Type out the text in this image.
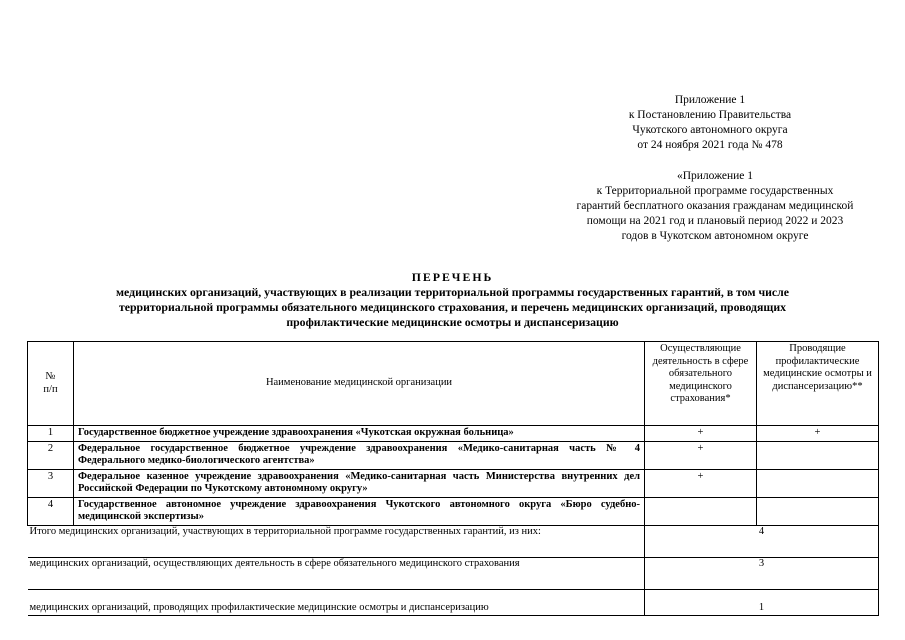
Приложение 1
к Постановлению Правительства
Чукотского автономного округа
от 24 ноября 2021 года № 478
«Приложение 1
к Территориальной программе государственных
гарантий бесплатного оказания гражданам медицинской
помощи на 2021 год и плановый период 2022 и 2023
годов в Чукотском автономном округе
ПЕРЕЧЕНЬ
медицинских организаций, участвующих в реализации территориальной программы государственных гарантий, в том числе
территориальной программы обязательного медицинского страхования, и перечень медицинских организаций, проводящих
профилактические медицинские осмотры и диспансеризацию
№
п/п	Наименование медицинской организации	Осуществляющие деятельность в сфере обязательного медицинского страхования*	Проводящие профилактические медицинские осмотры и диспансеризацию**
1	Государственное бюджетное учреждение здравоохранения «Чукотская окружная больница»	+	+
2	Федеральное государственное бюджетное учреждение здравоохранения «Медико-санитарная часть № 4 Федерального медико-биологического агентства»	+	
3	Федеральное казенное учреждение здравоохранения «Медико-санитарная часть Министерства внутренних дел Российской Федерации по Чукотскому автономному округу»	+	
4	Государственное автономное учреждение здравоохранения Чукотского автономного округа «Бюро судебно-медицинской экспертизы»		
Итого медицинских организаций, участвующих в территориальной программе государственных гарантий, из них:		4	
медицинских организаций, осуществляющих деятельность в сфере обязательного медицинского страхования		3	
медицинских организаций, проводящих профилактические медицинские осмотры и диспансеризацию		1	
